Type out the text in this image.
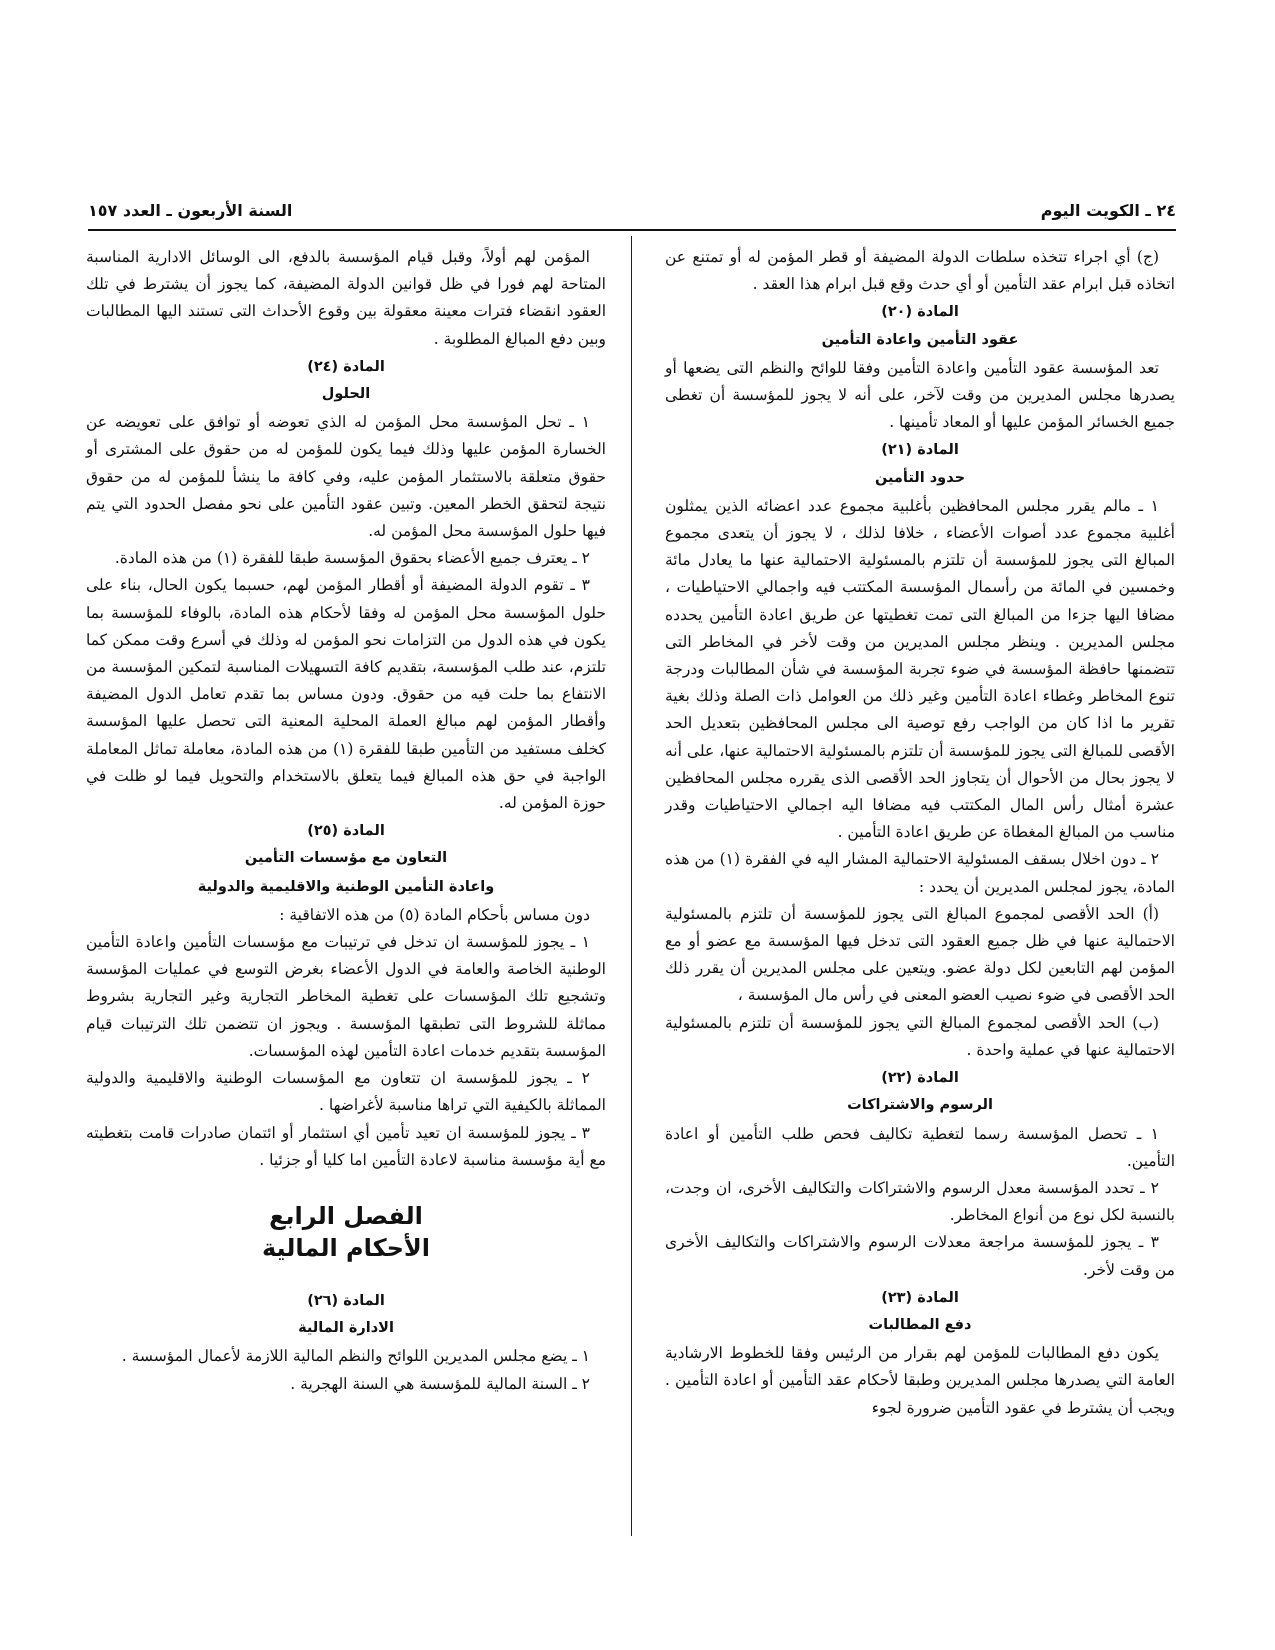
٢٤ ـ الكويت اليوم
السنة الأربعون ـ العدد ١٥٧

(ج) أي اجراء تتخذه سلطات الدولة المضيفة أو قطر المؤمن له أو تمتنع عن اتخاذه قبل ابرام عقد التأمين أو أي حدث وقع قبل ابرام هذا العقد .

المادة (٢٠)
عقود التأمين واعادة التأمين

تعد المؤسسة عقود التأمين واعادة التأمين وفقا للوائح والنظم التى يضعها أو يصدرها مجلس المديرين من وقت لآخر، على أنه لا يجوز للمؤسسة أن تغطى جميع الخسائر المؤمن عليها أو المعاد تأمينها .

المادة (٢١)
حدود التأمين

١ ـ مالم يقرر مجلس المحافظين بأغلبية مجموع عدد اعضائه الذين يمثلون أغلبية مجموع عدد أصوات الأعضاء ، خلافا لذلك ، لا يجوز أن يتعدى مجموع المبالغ التى يجوز للمؤسسة أن تلتزم بالمسئولية الاحتمالية عنها ما يعادل مائة وخمسين في المائة من رأسمال المؤسسة المكتتب فيه واجمالي الاحتياطيات ، مضافا اليها جزءا من المبالغ التى تمت تغطيتها عن طريق اعادة التأمين يحدده مجلس المديرين . وينظر مجلس المديرين من وقت لأخر في المخاطر التى تتضمنها حافظة المؤسسة في ضوء تجربة المؤسسة في شأن المطالبات ودرجة تنوع المخاطر وغطاء اعادة التأمين وغير ذلك من العوامل ذات الصلة وذلك بغية تقرير ما اذا كان من الواجب رفع توصية الى مجلس المحافظين بتعديل الحد الأقصى للمبالغ التى يجوز للمؤسسة أن تلتزم بالمسئولية الاحتمالية عنها، على أنه لا يجوز بحال من الأحوال أن يتجاوز الحد الأقصى الذى يقرره مجلس المحافظين عشرة أمثال رأس المال المكتتب فيه مضافا اليه اجمالي الاحتياطيات وقدر مناسب من المبالغ المغطاة عن طريق اعادة التأمين .

٢ ـ دون اخلال بسقف المسئولية الاحتمالية المشار اليه في الفقرة (١) من هذه المادة، يجوز لمجلس المديرين أن يحدد :

(أ) الحد الأقصى لمجموع المبالغ التى يجوز للمؤسسة أن تلتزم بالمسئولية الاحتمالية عنها في ظل جميع العقود التى تدخل فيها المؤسسة مع عضو أو مع المؤمن لهم التابعين لكل دولة عضو. ويتعين على مجلس المديرين أن يقرر ذلك الحد الأقصى في ضوء نصيب العضو المعنى في رأس مال المؤسسة ،

(ب) الحد الأقصى لمجموع المبالغ التي يجوز للمؤسسة أن تلتزم بالمسئولية الاحتمالية عنها في عملية واحدة .

المادة (٢٢)
الرسوم والاشتراكات

١ ـ تحصل المؤسسة رسما لتغطية تكاليف فحص طلب التأمين أو اعادة التأمين.

٢ ـ تحدد المؤسسة معدل الرسوم والاشتراكات والتكاليف الأخرى، ان وجدت، بالنسبة لكل نوع من أنواع المخاطر.

٣ ـ يجوز للمؤسسة مراجعة معدلات الرسوم والاشتراكات والتكاليف الأخرى من وقت لأخر.

المادة (٢٣)
دفع المطالبات

يكون دفع المطالبات للمؤمن لهم بقرار من الرئيس وفقا للخطوط الارشادية العامة التي يصدرها مجلس المديرين وطبقا لأحكام عقد التأمين أو اعادة التأمين . ويجب أن يشترط في عقود التأمين ضرورة لجوء

المؤمن لهم أولاً، وقبل قيام المؤسسة بالدفع، الى الوسائل الادارية المناسبة المتاحة لهم فورا في ظل قوانين الدولة المضيفة، كما يجوز أن يشترط في تلك العقود انقضاء فترات معينة معقولة بين وقوع الأحداث التى تستند اليها المطالبات وبين دفع المبالغ المطلوبة .

المادة (٢٤)
الحلول

١ ـ تحل المؤسسة محل المؤمن له الذي تعوضه أو توافق على تعويضه عن الخسارة المؤمن عليها وذلك فيما يكون للمؤمن له من حقوق على المشترى أو حقوق متعلقة بالاستثمار المؤمن عليه، وفي كافة ما ينشأ للمؤمن له من حقوق نتيجة لتحقق الخطر المعين. وتبين عقود التأمين على نحو مفصل الحدود التي يتم فيها حلول المؤسسة محل المؤمن له.

٢ ـ يعترف جميع الأعضاء بحقوق المؤسسة طبقا للفقرة (١) من هذه المادة.

٣ ـ تقوم الدولة المضيفة أو أقطار المؤمن لهم، حسبما يكون الحال، بناء على حلول المؤسسة محل المؤمن له وفقا لأحكام هذه المادة، بالوفاء للمؤسسة بما يكون في هذه الدول من التزامات نحو المؤمن له وذلك في أسرع وقت ممكن كما تلتزم، عند طلب المؤسسة، بتقديم كافة التسهيلات المناسبة لتمكين المؤسسة من الانتفاع بما حلت فيه من حقوق. ودون مساس بما تقدم تعامل الدول المضيفة وأقطار المؤمن لهم مبالغ العملة المحلية المعنية التى تحصل عليها المؤسسة كخلف مستفيد من التأمين طبقا للفقرة (١) من هذه المادة، معاملة تماثل المعاملة الواجبة في حق هذه المبالغ فيما يتعلق بالاستخدام والتحويل فيما لو ظلت في حوزة المؤمن له.

المادة (٢٥)
التعاون مع مؤسسات التأمين
واعادة التأمين الوطنية والاقليمية والدولية

دون مساس بأحكام المادة (٥) من هذه الاتفاقية :

١ ـ يجوز للمؤسسة ان تدخل في ترتيبات مع مؤسسات التأمين واعادة التأمين الوطنية الخاصة والعامة في الدول الأعضاء بغرض التوسع في عمليات المؤسسة وتشجيع تلك المؤسسات على تغطية المخاطر التجارية وغير التجارية بشروط مماثلة للشروط التى تطبقها المؤسسة . ويجوز ان تتضمن تلك الترتيبات قيام المؤسسة بتقديم خدمات اعادة التأمين لهذه المؤسسات.

٢ ـ يجوز للمؤسسة ان تتعاون مع المؤسسات الوطنية والاقليمية والدولية المماثلة بالكيفية التي تراها مناسبة لأغراضها .

٣ ـ يجوز للمؤسسة ان تعيد تأمين أي استثمار أو ائتمان صادرات قامت بتغطيته مع أية مؤسسة مناسبة لاعادة التأمين اما كليا أو جزئيا .

الفصل الرابع
الأحكام المالية
المادة (٢٦)
الادارة المالية

١ ـ يضع مجلس المديرين اللوائح والنظم المالية اللازمة لأعمال المؤسسة .

٢ ـ السنة المالية للمؤسسة هي السنة الهجرية .
